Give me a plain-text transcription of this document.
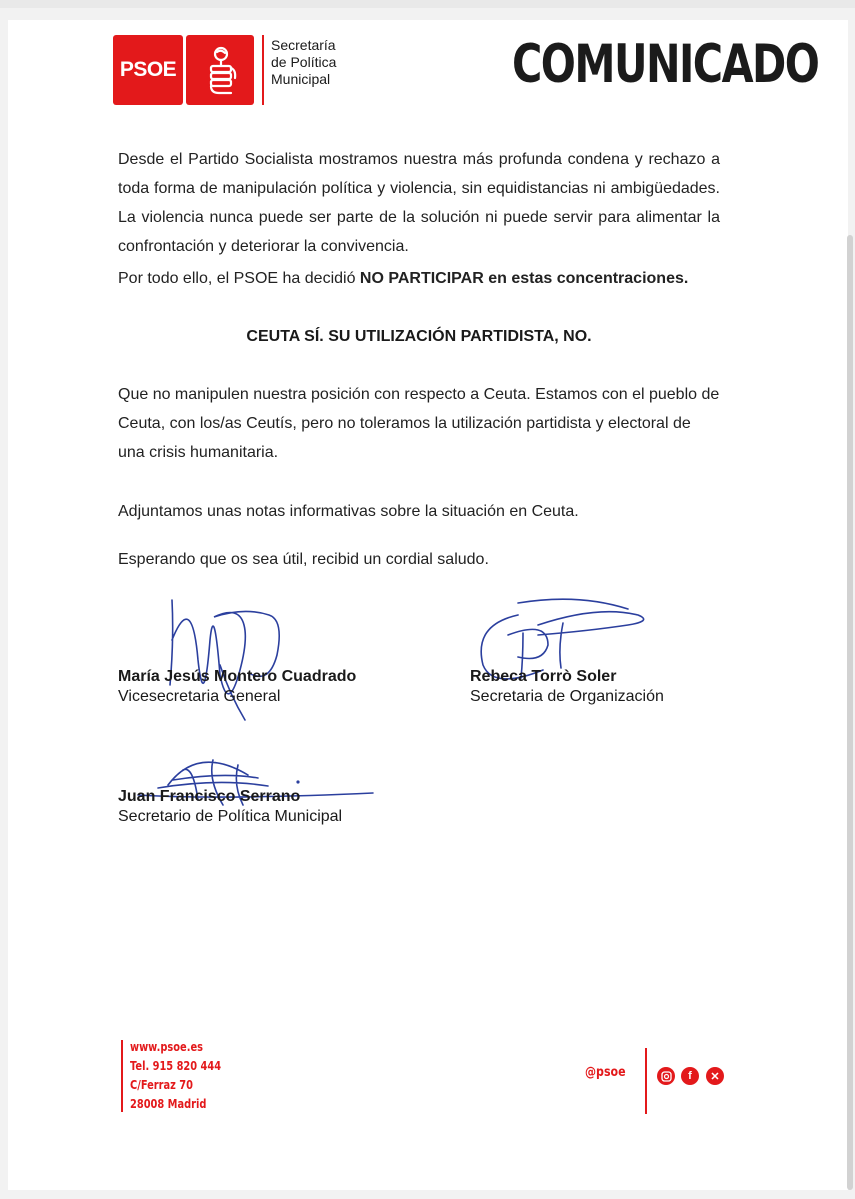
PSOE
Secretaría
de Política
Municipal	COMUNICADO
Desde el Partido Socialista mostramos nuestra más profunda condena y rechazo a toda forma de manipulación política y violencia, sin equidistancias ni ambigüedades. La violencia nunca puede ser parte de la solución ni puede servir para alimentar la confrontación y deteriorar la convivencia.
Por todo ello, el PSOE ha decidió NO PARTICIPAR en estas concentraciones.
CEUTA SÍ. SU UTILIZACIÓN PARTIDISTA, NO.
Que no manipulen nuestra posición con respecto a Ceuta. Estamos con el pueblo de Ceuta, con los/as Ceutís, pero no toleramos la utilización partidista y electoral de una crisis humanitaria.
Adjuntamos unas notas informativas sobre la situación en Ceuta.
Esperando que os sea útil, recibid un cordial saludo.
María Jesús Montero Cuadrado
Vicesecretaria General
Rebeca Torrò Soler
Secretaria de Organización
Juan Francisco Serrano
Secretario de Política Municipal
www.psoe.es
Tel. 915 820 444
C/Ferraz 70
28008 Madrid
@psoe	f	✕
